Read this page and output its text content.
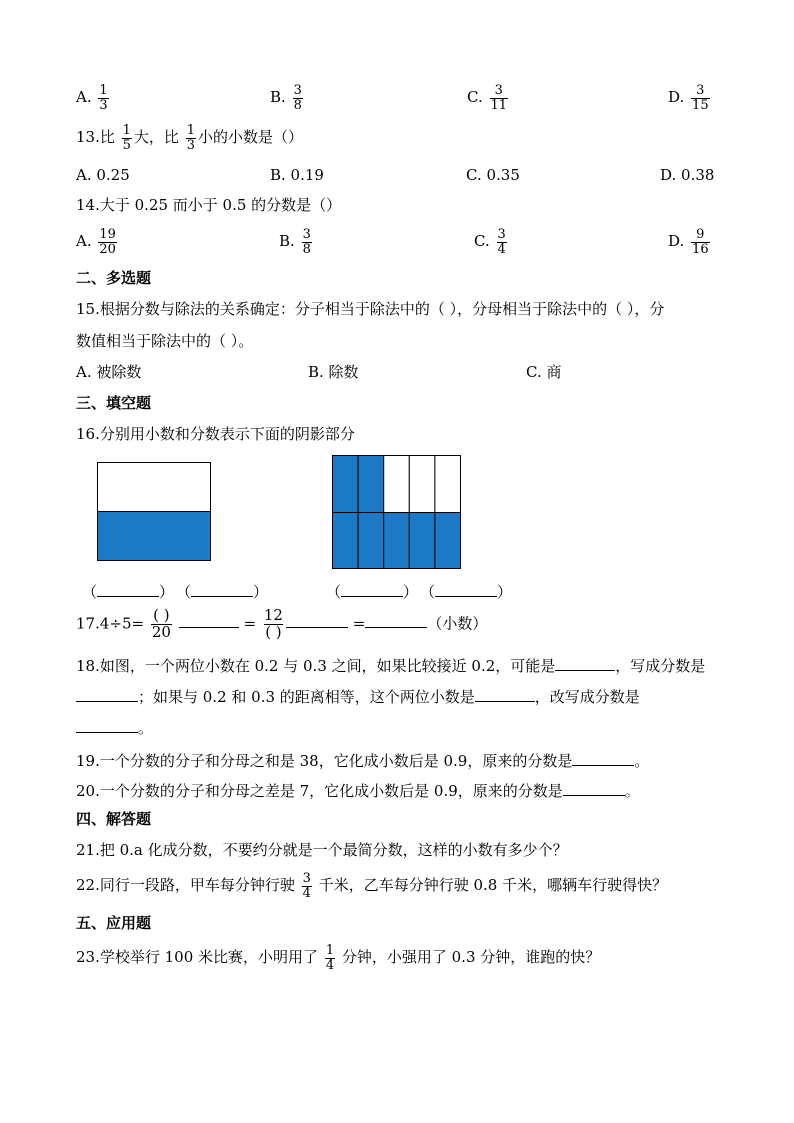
A. $\frac{1}{3}$	B. $\frac{3}{8}$	C. $\frac{3}{11}$	D. $\frac{3}{15}$
13.比 $\frac{1}{5}$ 大，比 $\frac{1}{3}$ 小的小数是（）
A. 0.25	B. 0.19	C. 0.35	D. 0.38
14.大于 0.25 而小于 0.5 的分数是（）
A. $\frac{19}{20}$	B. $\frac{3}{8}$	C. $\frac{3}{4}$	D. $\frac{9}{16}$
二、多选题
15.根据分数与除法的关系确定：分子相当于除法中的（ ），分母相当于除法中的（ ），分
数值相当于除法中的（ ）。
A. 被除数	B. 除数	C. 商
三、填空题
16.分别用小数和分数表示下面的阴影部分
（	） （	）	（	） （	）
$17.4\div 5= \frac{( )}{20}$	= $\frac{12}{( )}$	=	（小数）
18.如图，一个两位小数在 0.2 与 0.3 之间，如果比较接近 0.2，可能是	，写成分数是
；如果与 0.2 和 0.3 的距离相等，这个两位小数是	，改写成分数是
。
19.一个分数的分子和分母之和是 38，它化成小数后是 0.9，原来的分数是	。
20.一个分数的分子和分母之差是 7，它化成小数后是 0.9，原来的分数是	。
四、解答题
21.把 0.a 化成分数，不要约分就是一个最简分数，这样的小数有多少个？
22.同行一段路，甲车每分钟行驶 $\frac{3}{4}$ 千米，乙车每分钟行驶 0.8 千米，哪辆车行驶得快？
五、应用题
23.学校举行 100 米比赛，小明用了 $\frac{1}{4}$ 分钟，小强用了 0.3 分钟，谁跑的快？
